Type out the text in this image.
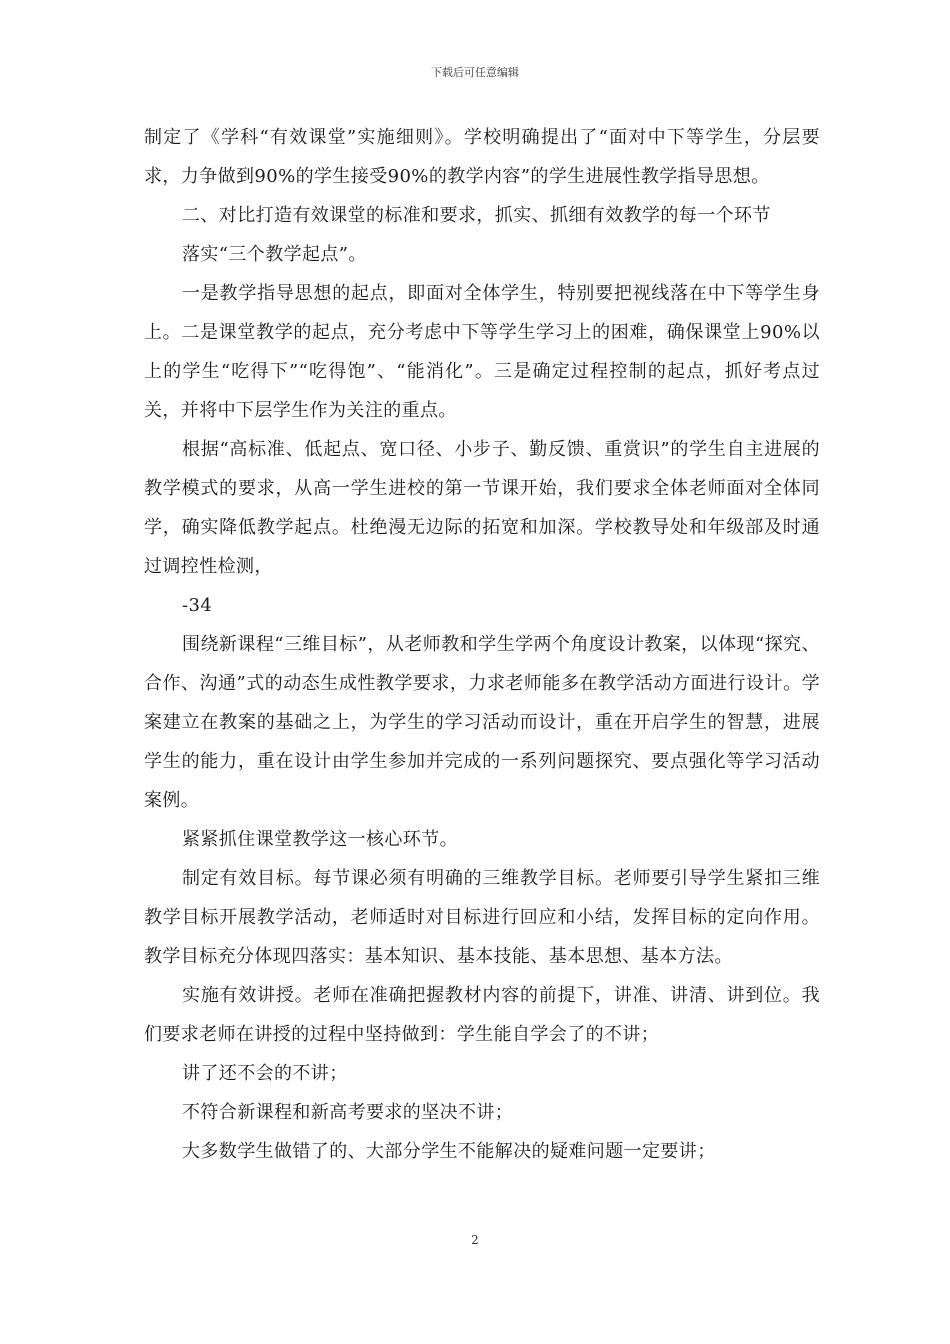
下载后可任意编辑

制定了《学科“有效课堂”实施细则》。学校明确提出了“面对中下等学生，分层要求，力争做到90%的学生接受90%的教学内容”的学生进展性教学指导思想。

二、对比打造有效课堂的标准和要求，抓实、抓细有效教学的每一个环节

落实“三个教学起点”。

一是教学指导思想的起点，即面对全体学生，特别要把视线落在中下等学生身上。二是课堂教学的起点，充分考虑中下等学生学习上的困难，确保课堂上90%以上的学生“吃得下”“吃得饱”、“能消化”。三是确定过程控制的起点，抓好考点过关，并将中下层学生作为关注的重点。

根据“高标准、低起点、宽口径、小步子、勤反馈、重赏识”的学生自主进展的教学模式的要求，从高一学生进校的第一节课开始，我们要求全体老师面对全体同学，确实降低教学起点。杜绝漫无边际的拓宽和加深。学校教导处和年级部及时通过调控性检测，

-34

围绕新课程“三维目标”，从老师教和学生学两个角度设计教案，以体现“探究、合作、沟通”式的动态生成性教学要求，力求老师能多在教学活动方面进行设计。学案建立在教案的基础之上，为学生的学习活动而设计，重在开启学生的智慧，进展学生的能力，重在设计由学生参加并完成的一系列问题探究、要点强化等学习活动案例。

紧紧抓住课堂教学这一核心环节。

制定有效目标。每节课必须有明确的三维教学目标。老师要引导学生紧扣三维教学目标开展教学活动，老师适时对目标进行回应和小结，发挥目标的定向作用。教学目标充分体现四落实：基本知识、基本技能、基本思想、基本方法。

实施有效讲授。老师在准确把握教材内容的前提下，讲准、讲清、讲到位。我们要求老师在讲授的过程中坚持做到：学生能自学会了的不讲；

讲了还不会的不讲；

不符合新课程和新高考要求的坚决不讲；

大多数学生做错了的、大部分学生不能解决的疑难问题一定要讲；

2
